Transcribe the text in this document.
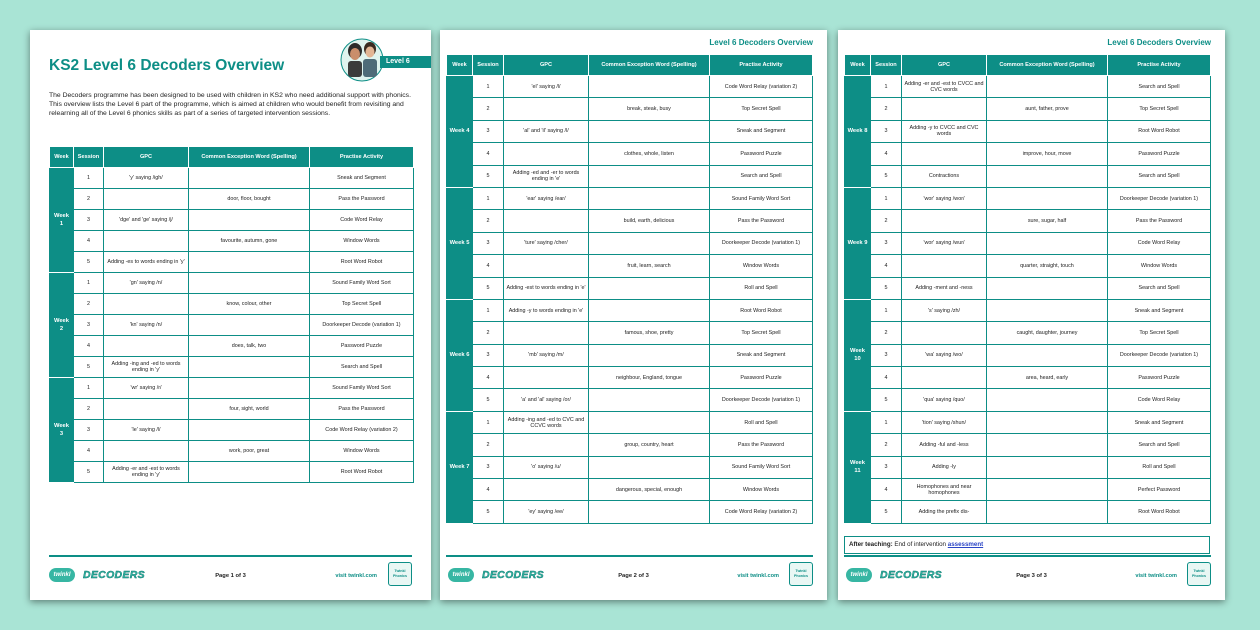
KS2 Level 6 Decoders Overview	Level 6
The Decoders programme has been designed to be used with children in KS2 who need additional support with phonics. This overview lists the Level 6 part of the programme, which is aimed at children who would benefit from revisiting and relearning all of the Level 6 phonics skills as part of a series of targeted intervention sessions.
Week	Session	GPC	Common Exception Word (Spelling)	Practise Activity
Week 1	1	'y' saying /igh/		Sneak and Segment
	2		door, floor, bought	Pass the Password
	3	'dge' and 'ge' saying /j/		Code Word Relay
	4		favourite, autumn, gone	Window Words
	5	Adding -es to words ending in 'y'		Root Word Robot
Week 2	1	'gn' saying /n/		Sound Family Word Sort
	2		know, colour, other	Top Secret Spell
	3	'kn' saying /n/		Doorkeeper Decode (variation 1)
	4		does, talk, two	Password Puzzle
	5	Adding -ing and -ed to words ending in 'y'		Search and Spell
Week 3	1	'wr' saying /r/		Sound Family Word Sort
	2		four, sight, world	Pass the Password
	3	'le' saying /l/		Code Word Relay (variation 2)
	4		work, poor, great	Window Words
	5	Adding -er and -est to words ending in 'y'		Root Word Robot
twinkl	DECODERS	Page 1 of 3	visit twinkl.com
Twinkl Phonics
Level 6 Decoders Overview
Week	Session	GPC	Common Exception Word (Spelling)	Practise Activity
Week 4	1	'el' saying /l/		Code Word Relay (variation 2)
	2		break, steak, busy	Top Secret Spell
	3	'al' and 'il' saying /l/		Sneak and Segment
	4		clothes, whole, listen	Password Puzzle
	5	Adding -ed and -er to words ending in 'e'		Search and Spell
Week 5	1	'ear' saying /ear/		Sound Family Word Sort
	2		build, earth, delicious	Pass the Password
	3	'ture' saying /cher/		Doorkeeper Decode (variation 1)
	4		fruit, learn, search	Window Words
	5	Adding -est to words ending in 'e'		Roll and Spell
Week 6	1	Adding -y to words ending in 'e'		Root Word Robot
	2		famous, shoe, pretty	Top Secret Spell
	3	'mb' saying /m/		Sneak and Segment
	4		neighbour, England, tongue	Password Puzzle
	5	'a' and 'al' saying /or/		Doorkeeper Decode (variation 1)
Week 7	1	Adding -ing and -ed to CVC and CCVC words		Roll and Spell
	2		group, country, heart	Pass the Password
	3	'o' saying /u/		Sound Family Word Sort
	4		dangerous, special, enough	Window Words
	5	'ey' saying /ee/		Code Word Relay (variation 2)
twinkl	DECODERS	Page 2 of 3	visit twinkl.com
Twinkl Phonics
Level 6 Decoders Overview
Week	Session	GPC	Common Exception Word (Spelling)	Practise Activity
Week 8	1	Adding -er and -est to CVCC and CVC words		Search and Spell
	2		aunt, father, prove	Top Secret Spell
	3	Adding -y to CVCC and CVC words		Root Word Robot
	4		improve, hour, move	Password Puzzle
	5	Contractions		Search and Spell
Week 9	1	'wor' saying /wor/		Doorkeeper Decode (variation 1)
	2		sure, sugar, half	Pass the Password
	3	'wor' saying /wur/		Code Word Relay
	4		quarter, straight, touch	Window Words
	5	Adding -ment and -ness		Search and Spell
Week 10	1	's' saying /zh/		Sneak and Segment
	2		caught, daughter, journey	Top Secret Spell
	3	'wa' saying /wo/		Doorkeeper Decode (variation 1)
	4		area, heard, early	Password Puzzle
	5	'qua' saying /quo/		Code Word Relay
Week 11	1	'tion' saying /shun/		Sneak and Segment
	2	Adding -ful and -less		Search and Spell
	3	Adding -ly		Roll and Spell
	4	Homophones and near homophones		Perfect Password
	5	Adding the prefix dis-		Root Word Robot
After teaching: End of intervention assessment
twinkl	DECODERS	Page 3 of 3	visit twinkl.com
Twinkl Phonics
